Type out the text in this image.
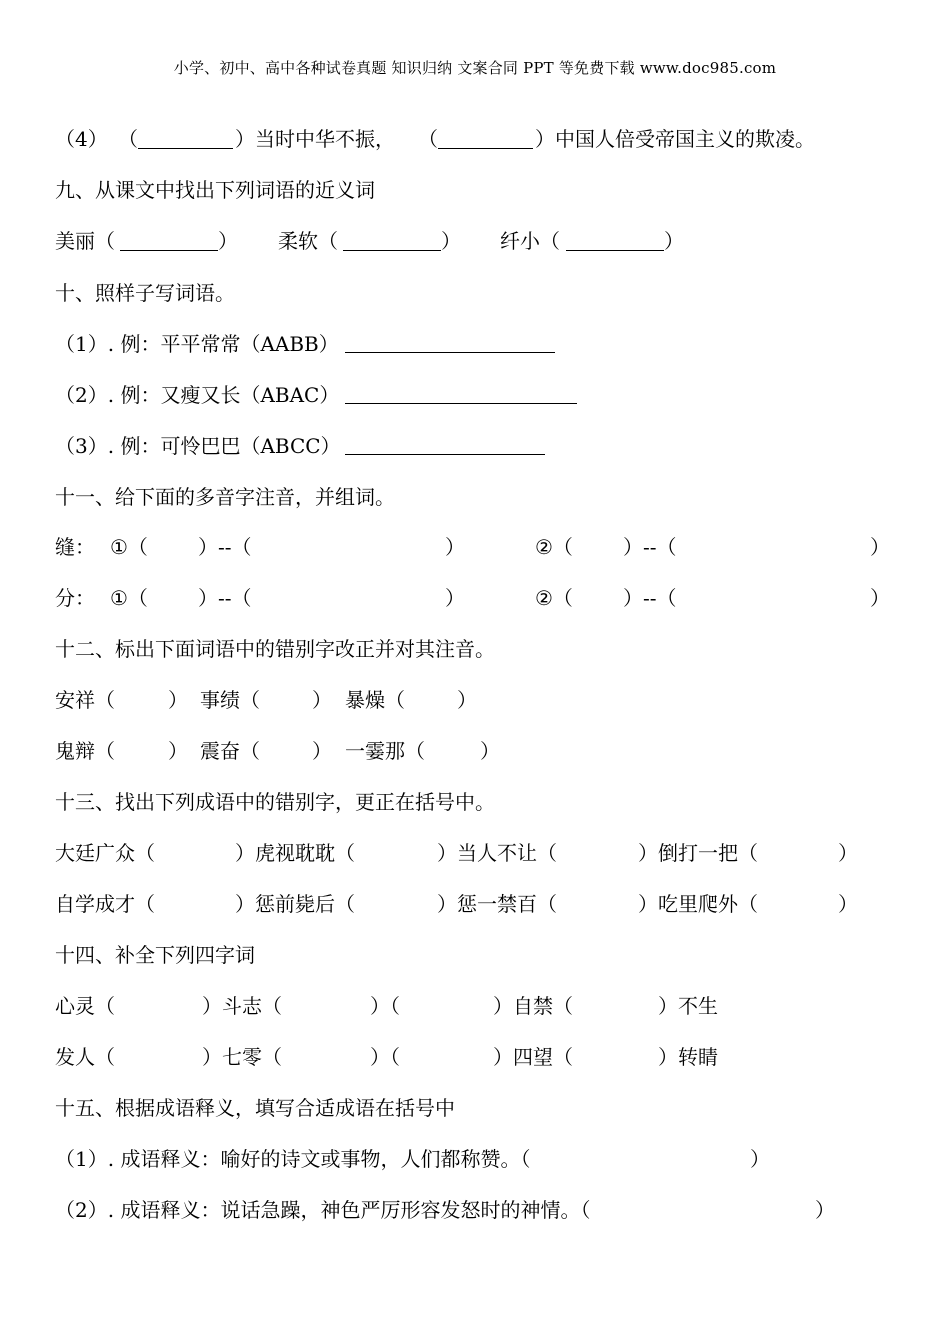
小学、初中、高中各种试卷真题 知识归纳 文案合同 PPT 等免费下载 www.doc985.com
（4） （	）当时中华不振， （	）中国人倍受帝国主义的欺凌。
九、从课文中找出下列词语的近义词
美丽（	） 柔软（	） 纤小（	）
十、照样子写词语。
（1）. 例：平平常常（AABB）
（2）. 例：又瘦又长（ABAC）
（3）. 例：可怜巴巴（ABCC）
十一、给下面的多音字注音，并组词。
缝： ①（	）--（	）	②（	）--（	）
分： ①（	）--（	）	②（	）--（	）
十二、标出下面词语中的错别字改正并对其注音。
安祥（	） 事绩（	） 暴燥（	）
鬼辩（	） 震奋（	） 一霎那（	）
十三、找出下列成语中的错别字，更正在括号中。
大廷广众（	）虎视耽耽（	）当人不让（	）倒打一把（	）
自学成才（	）惩前毙后（	）惩一禁百（	）吃里爬外（	）
十四、补全下列四字词
心灵（	）斗志（	）（	）自禁（	）不生
发人（	）七零（	）（	）四望（	）转睛
十五、根据成语释义，填写合适成语在括号中
（1）. 成语释义：喻好的诗文或事物，人们都称赞。（	）
（2）. 成语释义：说话急躁，神色严厉形容发怒时的神情。（	）
